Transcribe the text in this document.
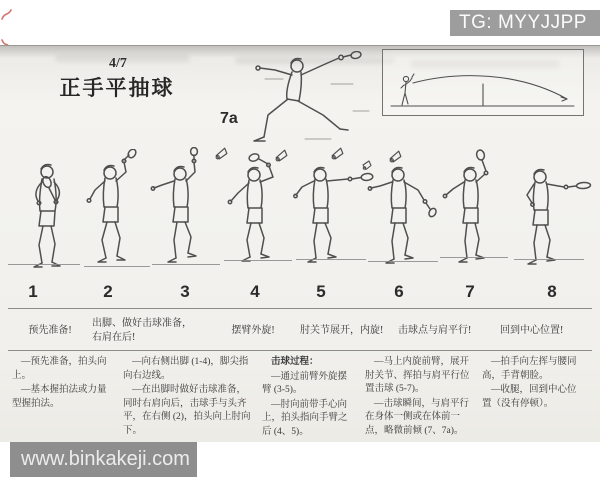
4/7
正手平抽球
7a
1	2	3	4	5	6	7	8
预先准备!
出脚、做好击球准备，右肩在后!
摆臂外旋!	肘关节展开，内旋!	击球点与肩平行!	回到中心位置!

—预先准备，拍头向上。

—基本握拍法或力量型握拍法。

—向右侧出脚 (1-4)，脚尖指向右边线。

—在出脚时做好击球准备，同时右肩向后，击球手与头齐平，在右侧 (2)，拍头向上肘向下。

击球过程：

—通过前臂外旋摆臂 (3-5)。

—肘向前带手心向上，拍头指向手臂之后 (4、5)。

—马上内旋前臂，展开肘关节、挥拍与肩平行位置击球 (5-7)。

—击球瞬间，与肩平行在身体一侧或在体前一点，略微前倾 (7、7a)。

—拍手向左挥与腰同高，手背朝脸。

—收腿，回到中心位置（没有停顿）。

TG: MYYJJPP
www.binkakeji.com
